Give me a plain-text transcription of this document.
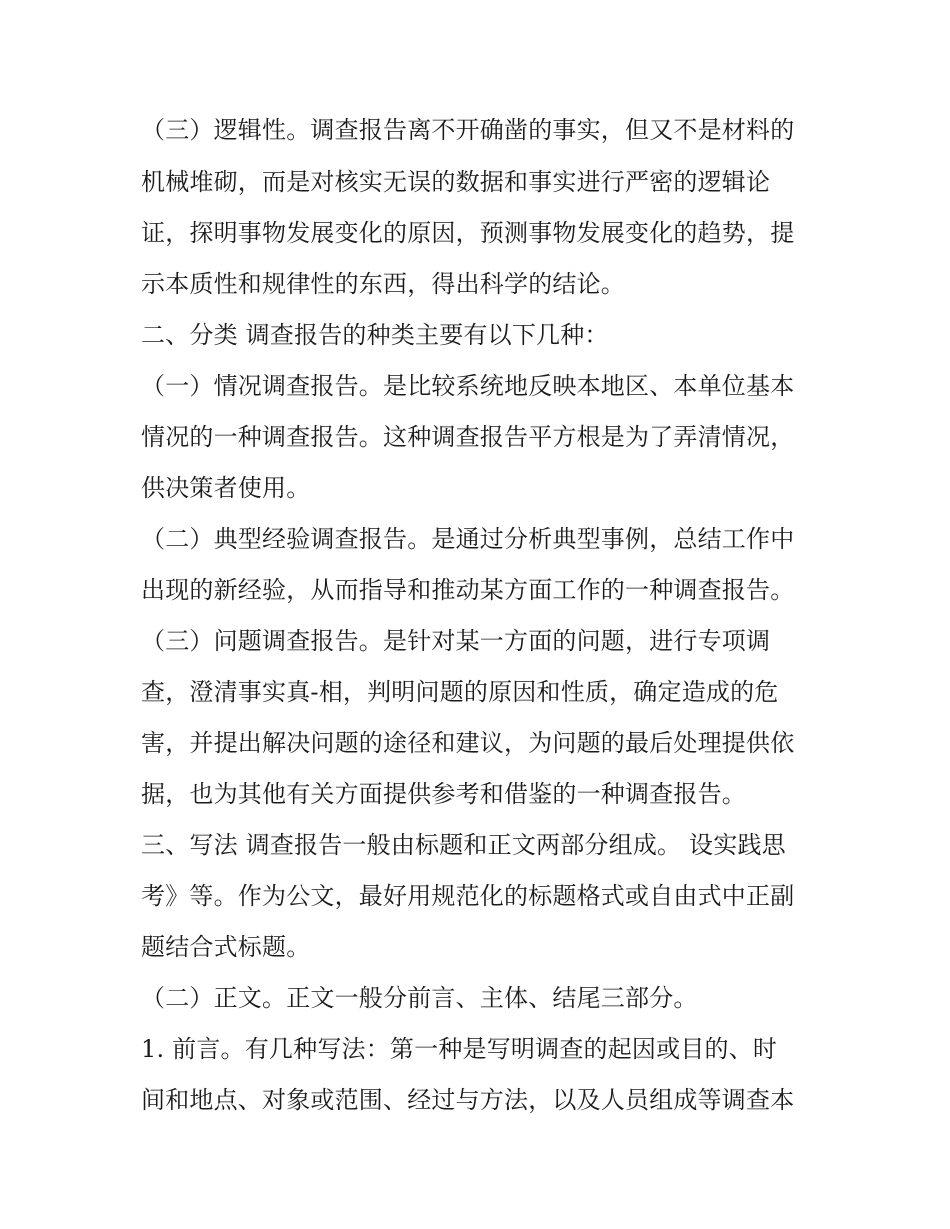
（三）逻辑性。调查报告离不开确凿的事实，但又不是材料的
机械堆砌，而是对核实无误的数据和事实进行严密的逻辑论
证，探明事物发展变化的原因，预测事物发展变化的趋势，提
示本质性和规律性的东西，得出科学的结论。
二、分类 调查报告的种类主要有以下几种：
（一）情况调查报告。是比较系统地反映本地区、本单位基本
情况的一种调查报告。这种调查报告平方根是为了弄清情况，
供决策者使用。
（二）典型经验调查报告。是通过分析典型事例，总结工作中
出现的新经验，从而指导和推动某方面工作的一种调查报告。
（三）问题调查报告。是针对某一方面的问题，进行专项调
查，澄清事实真-相，判明问题的原因和性质，确定造成的危
害，并提出解决问题的途径和建议，为问题的最后处理提供依
据，也为其他有关方面提供参考和借鉴的一种调查报告。
三、写法 调查报告一般由标题和正文两部分组成。 设实践思
考》等。作为公文，最好用规范化的标题格式或自由式中正副
题结合式标题。
（二）正文。正文一般分前言、主体、结尾三部分。
1. 前言。有几种写法：第一种是写明调查的起因或目的、时
间和地点、对象或范围、经过与方法，以及人员组成等调查本
